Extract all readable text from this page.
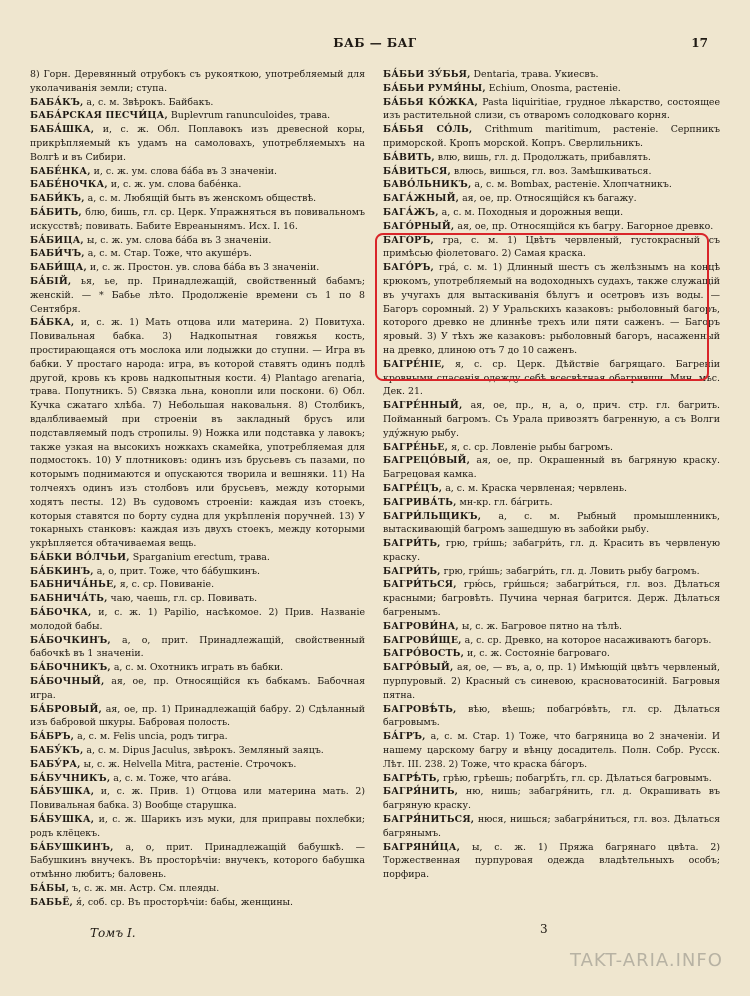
БАБ — БАГ	17

8) Горн. Деревянный отрубокъ съ рукояткою, употребляемый для уколачиванія земли; ступа.

БАБА́КЪ, а, с. м. Звѣрокъ. Байбакъ.

БАБА́РСКАЯ ПЕСЧИ́ЦА, Buplevrum ranunculoides, трава.

БАБА́ШКА, и, с. ж. Обл. Поплавокъ изъ древесной коры, прикрѣпляемый къ удамъ на самоловахъ, употребляемыхъ на Волгѣ и въ Сибири.

БАБЕ́НКА, и, с. ж. ум. слова ба́ба въ 3 значеніи.

БАБЕ́НОЧКА, и, с. ж. ум. слова бабе́нка.

БАБИ́КЪ, а, с. м. Любящій быть въ женскомъ обществѣ.

БА́БИТЬ, блю, бишь, гл. ср. Церк. Упражняться въ повивальномъ искусствѣ; повивать. Бабите Евреанынямъ. Исх. I. 16.

БА́БИЦА, ы, с. ж. ум. слова ба́ба въ 3 значеніи.

БАБИ́ЧЪ, а, с. м. Стар. Тоже, что акуше́ръ.

БАБИ́ЩА, и, с. ж. Простон. ув. слова ба́ба въ 3 значеніи.

БА́БІЙ, ья, ье, пр. Принадлежащій, свойственный бабамъ; женскій. — * Бабье лѣто. Продолженіе времени съ 1 по 8 Сентября.

БА́БКА, и, с. ж. 1) Мать отцова или материна. 2) Повитуха. Повивальная бабка. 3) Надкопытная говяжья кость, простирающаяся отъ мослока или лодыжки до ступни. — Игра въ бабки. У простаго народа: игра, въ которой ставятъ одинъ подлѣ другой, кровь къ кровь надкопытныя кости. 4) Plantago arenaria, трава. Попутникъ. 5) Связка льна, конопли или поскони. 6) Обл. Кучка сжатаго хлѣба. 7) Небольшая наковальня. 8) Столбикъ, вдалбливаемый при строеніи въ закладный брусъ или подставляемый подъ стропилы. 9) Ножка или подставка у лавокъ; также узкая на высокихъ ножкахъ скамейка, употребляемая для подмостокъ. 10) У плотниковъ: одинъ изъ брусьевъ съ пазами, по которымъ поднимаются и опускаются творила и вешняки. 11) На толчеяхъ одинъ изъ столбовъ или брусьевъ, между которыми ходятъ песты. 12) Въ судовомъ строеніи: каждая изъ стоекъ, которыя ставятся по борту судна для укрѣпленія поручней. 13) У токарныхъ станковъ: каждая изъ двухъ стоекъ, между которыми укрѣпляется обтачиваемая вещь.

БА́БКИ ВО́ЛЧЬИ, Sparganium erectum, трава.

БА́БКИНЪ, а, о, прит. Тоже, что ба́бушкинъ.

БАБНИЧА́НЬЕ, я, с. ср. Повиваніе.

БАБНИЧА́ТЬ, чаю, чаешь, гл. ср. Повивать.

БА́БОЧКА, и, с. ж. 1) Papilio, насѣкомое. 2) Прив. Названіе молодой бабы.

БА́БОЧКИНЪ, а, о, прит. Принадлежащій, свойственный бабочкѣ въ 1 значеніи.

БА́БОЧНИКЪ, а, с. м. Охотникъ играть въ бабки.

БА́БОЧНЫЙ, ая, ое, пр. Относящійся къ бабкамъ. Бабочная игра.

БА́БРОВЫЙ, ая, ое, пр. 1) Принадлежащій бабру. 2) Сдѣланный изъ бабровой шкуры. Бабровая полость.

БА́БРЪ, а, с. м. Felis uncia, родъ тигра.

БАБУ́КЪ, а, с. м. Dipus Jaculus, звѣрокъ. Земляный заяцъ.

БАБУ́РА, ы, с. ж. Helvella Mitra, растеніе. Строчокъ.

БА́БУЧНИКЪ, а, с. м. Тоже, что ага́ва.

БА́БУШКА, и, с. ж. Прив. 1) Отцова или материна мать. 2) Повивальная бабка. 3) Вообще старушка.

БА́БУШКА, и, с. ж. Шарикъ изъ муки, для приправы похлебки; родъ клёцекъ.

БА́БУШКИНЪ, а, о, прит. Принадлежащій бабушкѣ. — Бабушкинъ внучекъ. Въ просторѣчіи: внучекъ, которого бабушка отмѣнно любитъ; баловень.

БА́БЫ, ъ, с. ж. мн. Астр. См. плеяды.

БАБЬЁ, я́, соб. ср. Въ просторѣчіи: бабы, женщины.

БА́БЬИ ЗУ́БЬЯ, Dentaria, трава. Укиесвъ.

БА́БЬИ РУМЯ́НЫ, Echium, Onosma, растеніе.

БА́БЬЯ КО́ЖКА, Pasta liquiritiae, грудное лѣкарство, состоящее изъ растительной слизи, съ отваромъ солодковаго корня.

БА́БЬЯ СО́ЛЬ, Crithmum maritimum, растеніе. Серпникъ приморской. Кропъ морской. Копръ. Сверлильникъ.

БА́ВИТЬ, влю, вишь, гл. д. Продолжать, прибавлять.

БА́ВИТЬСЯ, влюсь, вишься, гл. воз. Замѣшкиваться.

БАВО́ЛЬНИКЪ, а, с. м. Bombax, растеніе. Хлопчатникъ.

БАГА́ЖНЫЙ, ая, ое, пр. Относящійся къ багажу.

БАГА́ЖЪ, а, с. м. Походныя и дорожныя вещи.

БАГО́РНЫЙ, ая, ое, пр. Относящійся къ багру. Багорное древко.

БАГО́РЪ, гра, с. м. 1) Цвѣтъ червленый, густокрасный съ примѣсью фіолетоваго. 2) Самая краска.

БАГО́РЪ, гра́, с. м. 1) Длинный шестъ съ желѣзнымъ на концѣ крюкомъ, употребляемый на водоходныхъ судахъ, также служащій въ учугахъ для вытаскиванія бѣлугъ и осетровъ изъ воды. — Багоръ соромный. 2) У Уральскихъ казаковъ: рыболовный багоръ, которого древко не длиннѣе трехъ или пяти саженъ. — Багоръ яровый. 3) У тѣхъ же казаковъ: рыболовный багоръ, насаженный на древко, длиною отъ 7 до 10 саженъ.

БАГРЕ́НІЕ, я, с. ср. Церк. Дѣйствіе багрящаго. Багреніи кровными спасенія одежду себѣ всесвѣтная обагривши. Мин. мѣс. Дек. 21.

БАГРЕ́ННЫЙ, ая, ое, пр., н, а, о, прич. стр. гл. багрить. Пойманный багромъ. Съ Урала привозятъ багренную, а съ Волги уду́жную рыбу.

БАГРЕ́НЬЕ, я, с. ср. Ловленіе рыбы багромъ.

БАГРЕЦО́ВЫЙ, ая, ое, пр. Окрашенный въ багряную краску. Багрецовая камка.

БАГРЕ́ЦЪ, а, с. м. Краска червленая; червлень.

БАГРИВА́ТЬ, мн-кр. гл. ба́грить.

БАГРИ́ЛЬЩИКЪ, а, с. м. Рыбный промышленникъ, вытаскивающій багромъ зашедшую въ забойки рыбу.

БАГРИ́ТЬ, грю, гри́шь; забагри́ть, гл. д. Красить въ червленую краску.

БАГРИ́ТЬ, грю, гри́шь; забагри́ть, гл. д. Ловить рыбу багромъ.

БАГРИ́ТЬСЯ, грю́сь, гри́шься; забагри́ться, гл. воз. Дѣлаться красными; багровѣть. Пучина черная багрится. Держ. Дѣлаться багренымъ.

БАГРОВИ́НА, ы, с. ж. Багровое пятно на тѣлѣ.

БАГРОВИ́ЩЕ, а, с. ср. Древко, на которое насаживаютъ багоръ.

БАГРО́ВОСТЬ, и, с. ж. Состояніе багроваго.

БАГРО́ВЫЙ, ая, ое, — въ, а, о, пр. 1) Имѣющій цвѣтъ червленый, пурпуровый. 2) Красный съ синевою, красноватосиній. Багровыя пятна.

БАГРОВѢ́ТЬ, вѣю, вѣешь; побагро́вѣть, гл. ср. Дѣлаться багровымъ.

БА́ГРЪ, а, с. м. Стар. 1) Тоже, что багряница во 2 значеніи. И нашему царскому багру и вѣнцу досадитель. Полн. Собр. Русск. Лѣт. III. 238. 2) Тоже, что краска ба́горъ.

БАГРѢ́ТЬ, грѣю, грѣешь; побагрѣ́ть, гл. ср. Дѣлаться багровымъ.

БАГРЯ́НИТЬ, ню, нишь; забагря́нить, гл. д. Окрашивать въ багряную краску.

БАГРЯ́НИТЬСЯ, нюся, нишься; забагря́ниться, гл. воз. Дѣлаться багрянымъ.

БАГРЯНИ́ЦА, ы, с. ж. 1) Пряжа багрянаго цвѣта. 2) Торжественная пурпуровая одежда владѣтельныхъ особъ; порфира.

Томъ I.	3
TAKT-ARIA.INFO
